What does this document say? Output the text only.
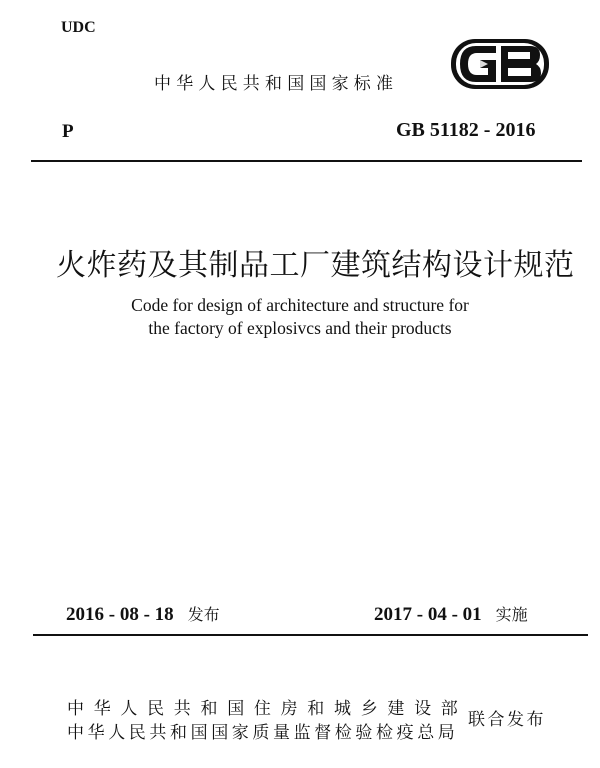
UDC
中华人民共和国国家标准
P	GB 51182 - 2016
火炸药及其制品工厂建筑结构设计规范
Code for design of architecture and structure for
the factory of explosivcs and their products
2016 - 08 - 18 发布	2017 - 04 - 01 实施
中华人民共和国住房和城乡建设部
中华人民共和国国家质量监督检验检疫总局
联合发布
